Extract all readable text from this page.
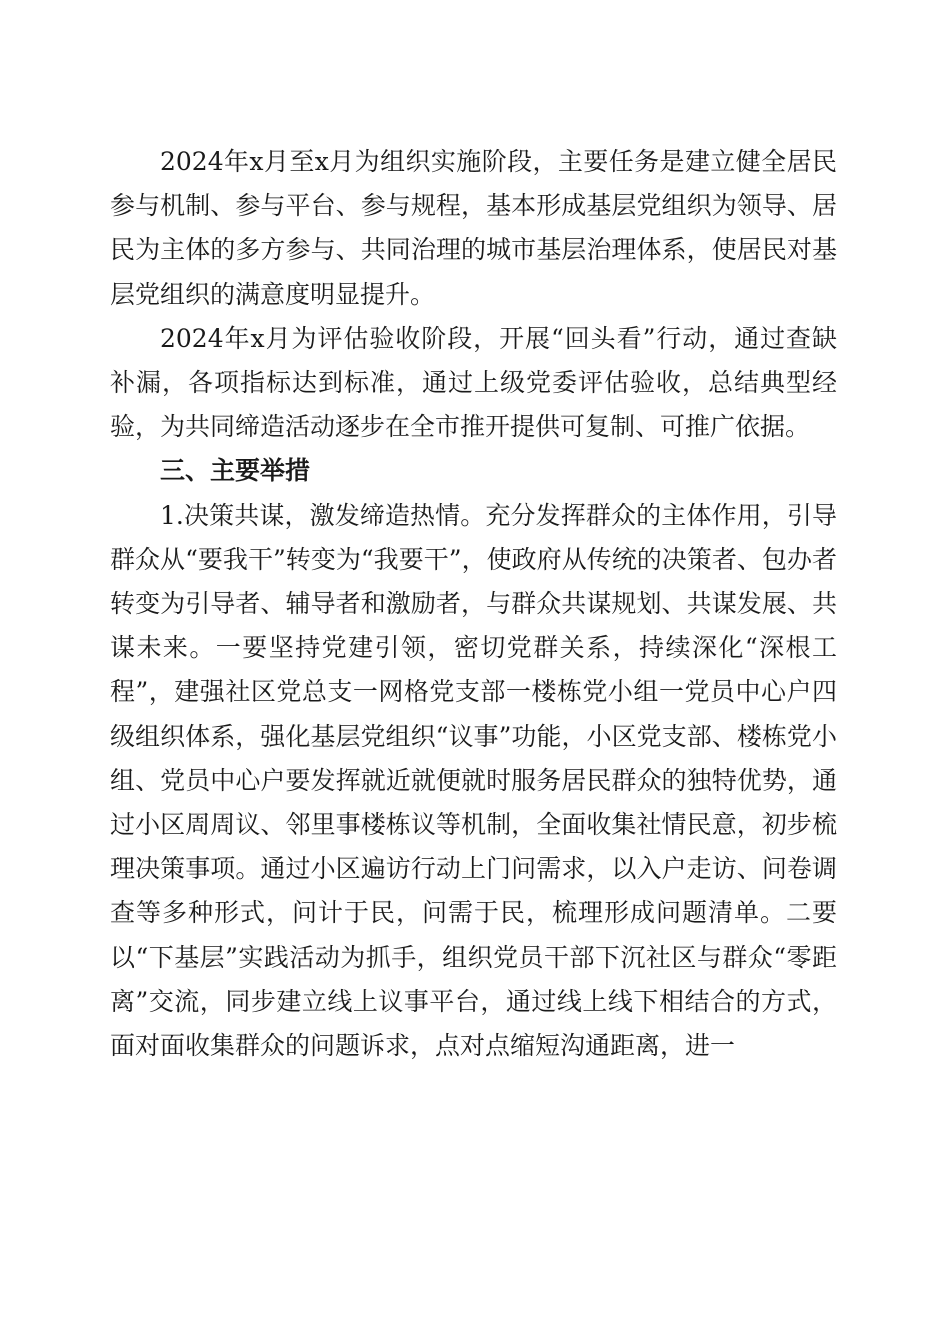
2024年x月至x月为组织实施阶段，主要任务是建立健全居民参与机制、参与平台、参与规程，基本形成基层党组织为领导、居民为主体的多方参与、共同治理的城市基层治理体系，使居民对基层党组织的满意度明显提升。

2024年x月为评估验收阶段，开展“回头看”行动，通过查缺补漏，各项指标达到标准，通过上级党委评估验收，总结典型经验，为共同缔造活动逐步在全市推开提供可复制、可推广依据。

三、主要举措

1.决策共谋，激发缔造热情。充分发挥群众的主体作用，引导群众从“要我干”转变为“我要干”，使政府从传统的决策者、包办者转变为引导者、辅导者和激励者，与群众共谋规划、共谋发展、共谋未来。一要坚持党建引领，密切党群关系，持续深化“深根工程”，建强社区党总支一网格党支部一楼栋党小组一党员中心户四级组织体系，强化基层党组织“议事”功能，小区党支部、楼栋党小组、党员中心户要发挥就近就便就时服务居民群众的独特优势，通过小区周周议、邻里事楼栋议等机制，全面收集社情民意，初步梳理决策事项。通过小区遍访行动上门问需求，以入户走访、问卷调查等多种形式，问计于民，问需于民，梳理形成问题清单。二要以“下基层”实践活动为抓手，组织党员干部下沉社区与群众“零距离”交流，同步建立线上议事平台，通过线上线下相结合的方式，面对面收集群众的问题诉求，点对点缩短沟通距离，进一
